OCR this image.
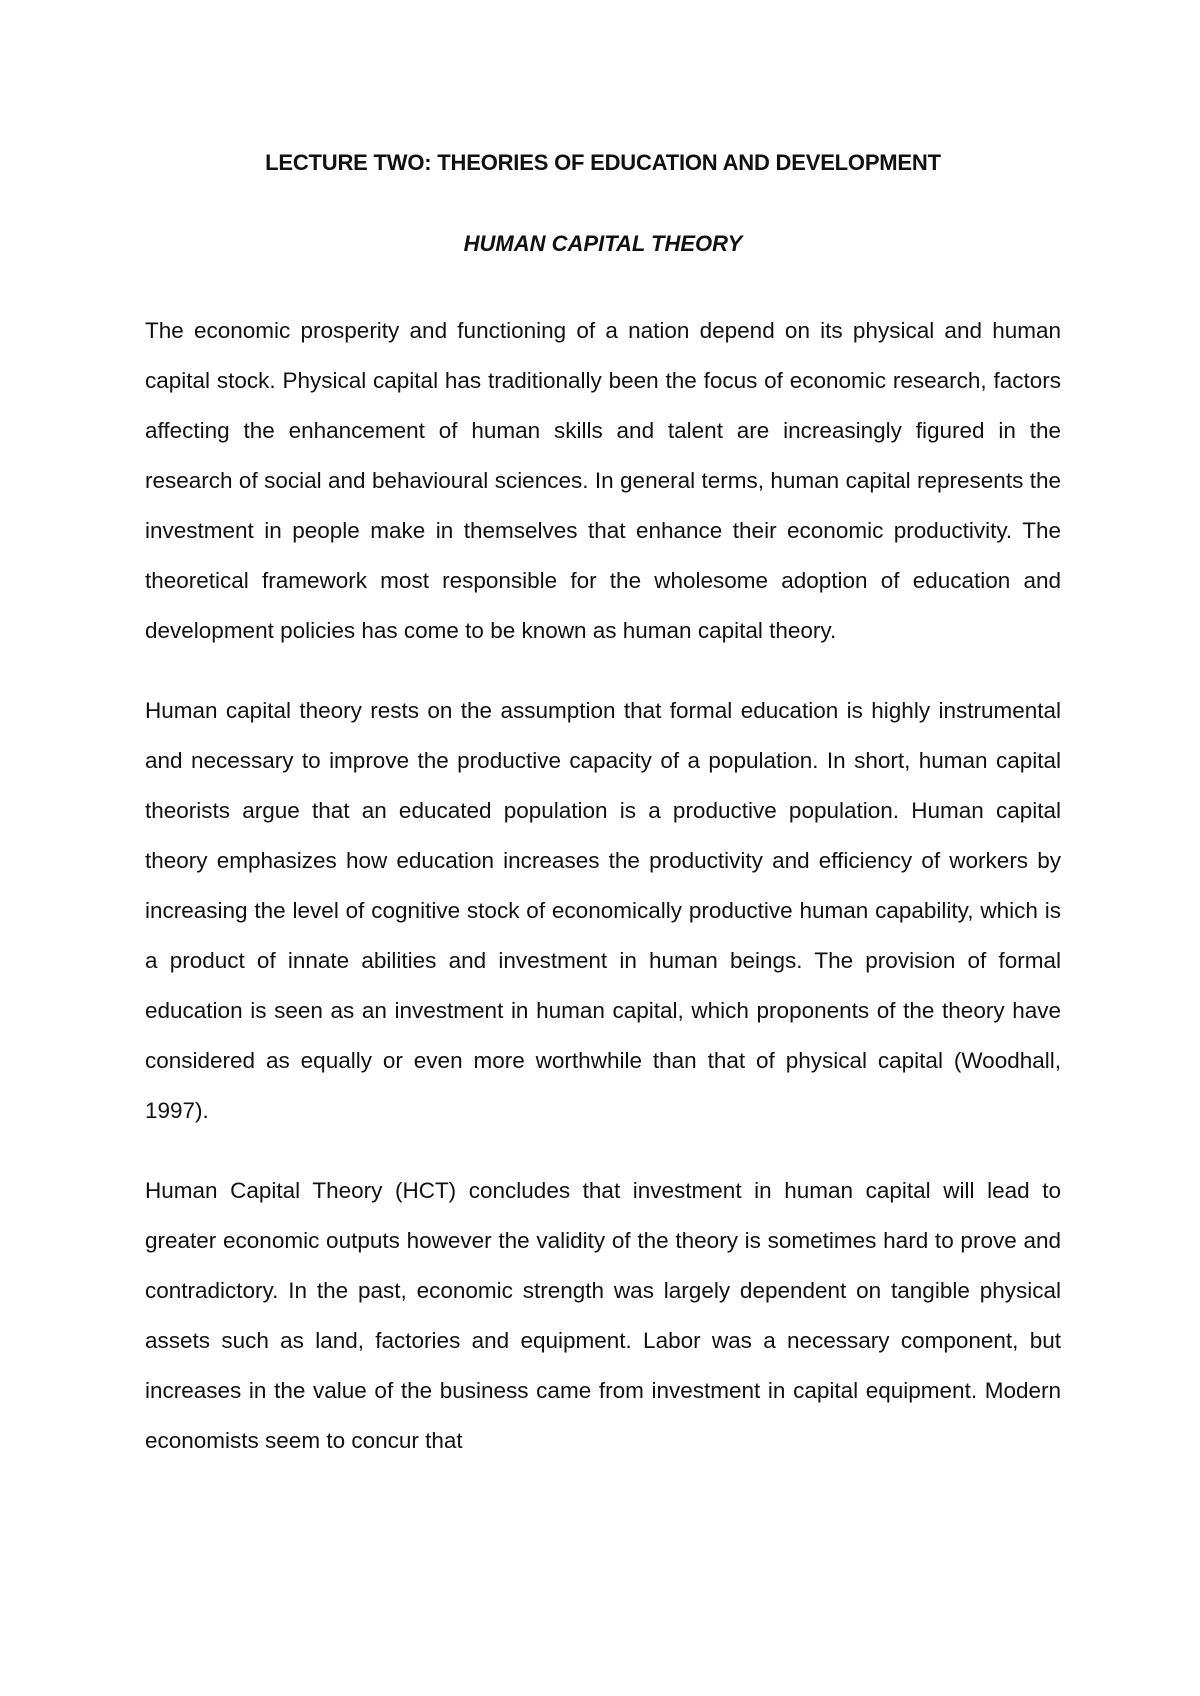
LECTURE TWO: THEORIES OF EDUCATION AND DEVELOPMENT
HUMAN CAPITAL THEORY

The economic prosperity and functioning of a nation depend on its physical and human capital stock. Physical capital has traditionally been the focus of economic research, factors affecting the enhancement of human skills and talent are increasingly figured in the research of social and behavioural sciences. In general terms, human capital represents the investment in people make in themselves that enhance their economic productivity. The theoretical framework most responsible for the wholesome adoption of education and development policies has come to be known as human capital theory.

Human capital theory rests on the assumption that formal education is highly instrumental and necessary to improve the productive capacity of a population. In short, human capital theorists argue that an educated population is a productive population. Human capital theory emphasizes how education increases the productivity and efficiency of workers by increasing the level of cognitive stock of economically productive human capability, which is a product of innate abilities and investment in human beings. The provision of formal education is seen as an investment in human capital, which proponents of the theory have considered as equally or even more worthwhile than that of physical capital (Woodhall, 1997).

Human Capital Theory (HCT) concludes that investment in human capital will lead to greater economic outputs however the validity of the theory is sometimes hard to prove and contradictory. In the past, economic strength was largely dependent on tangible physical assets such as land, factories and equipment. Labor was a necessary component, but increases in the value of the business came from investment in capital equipment. Modern economists seem to concur that
